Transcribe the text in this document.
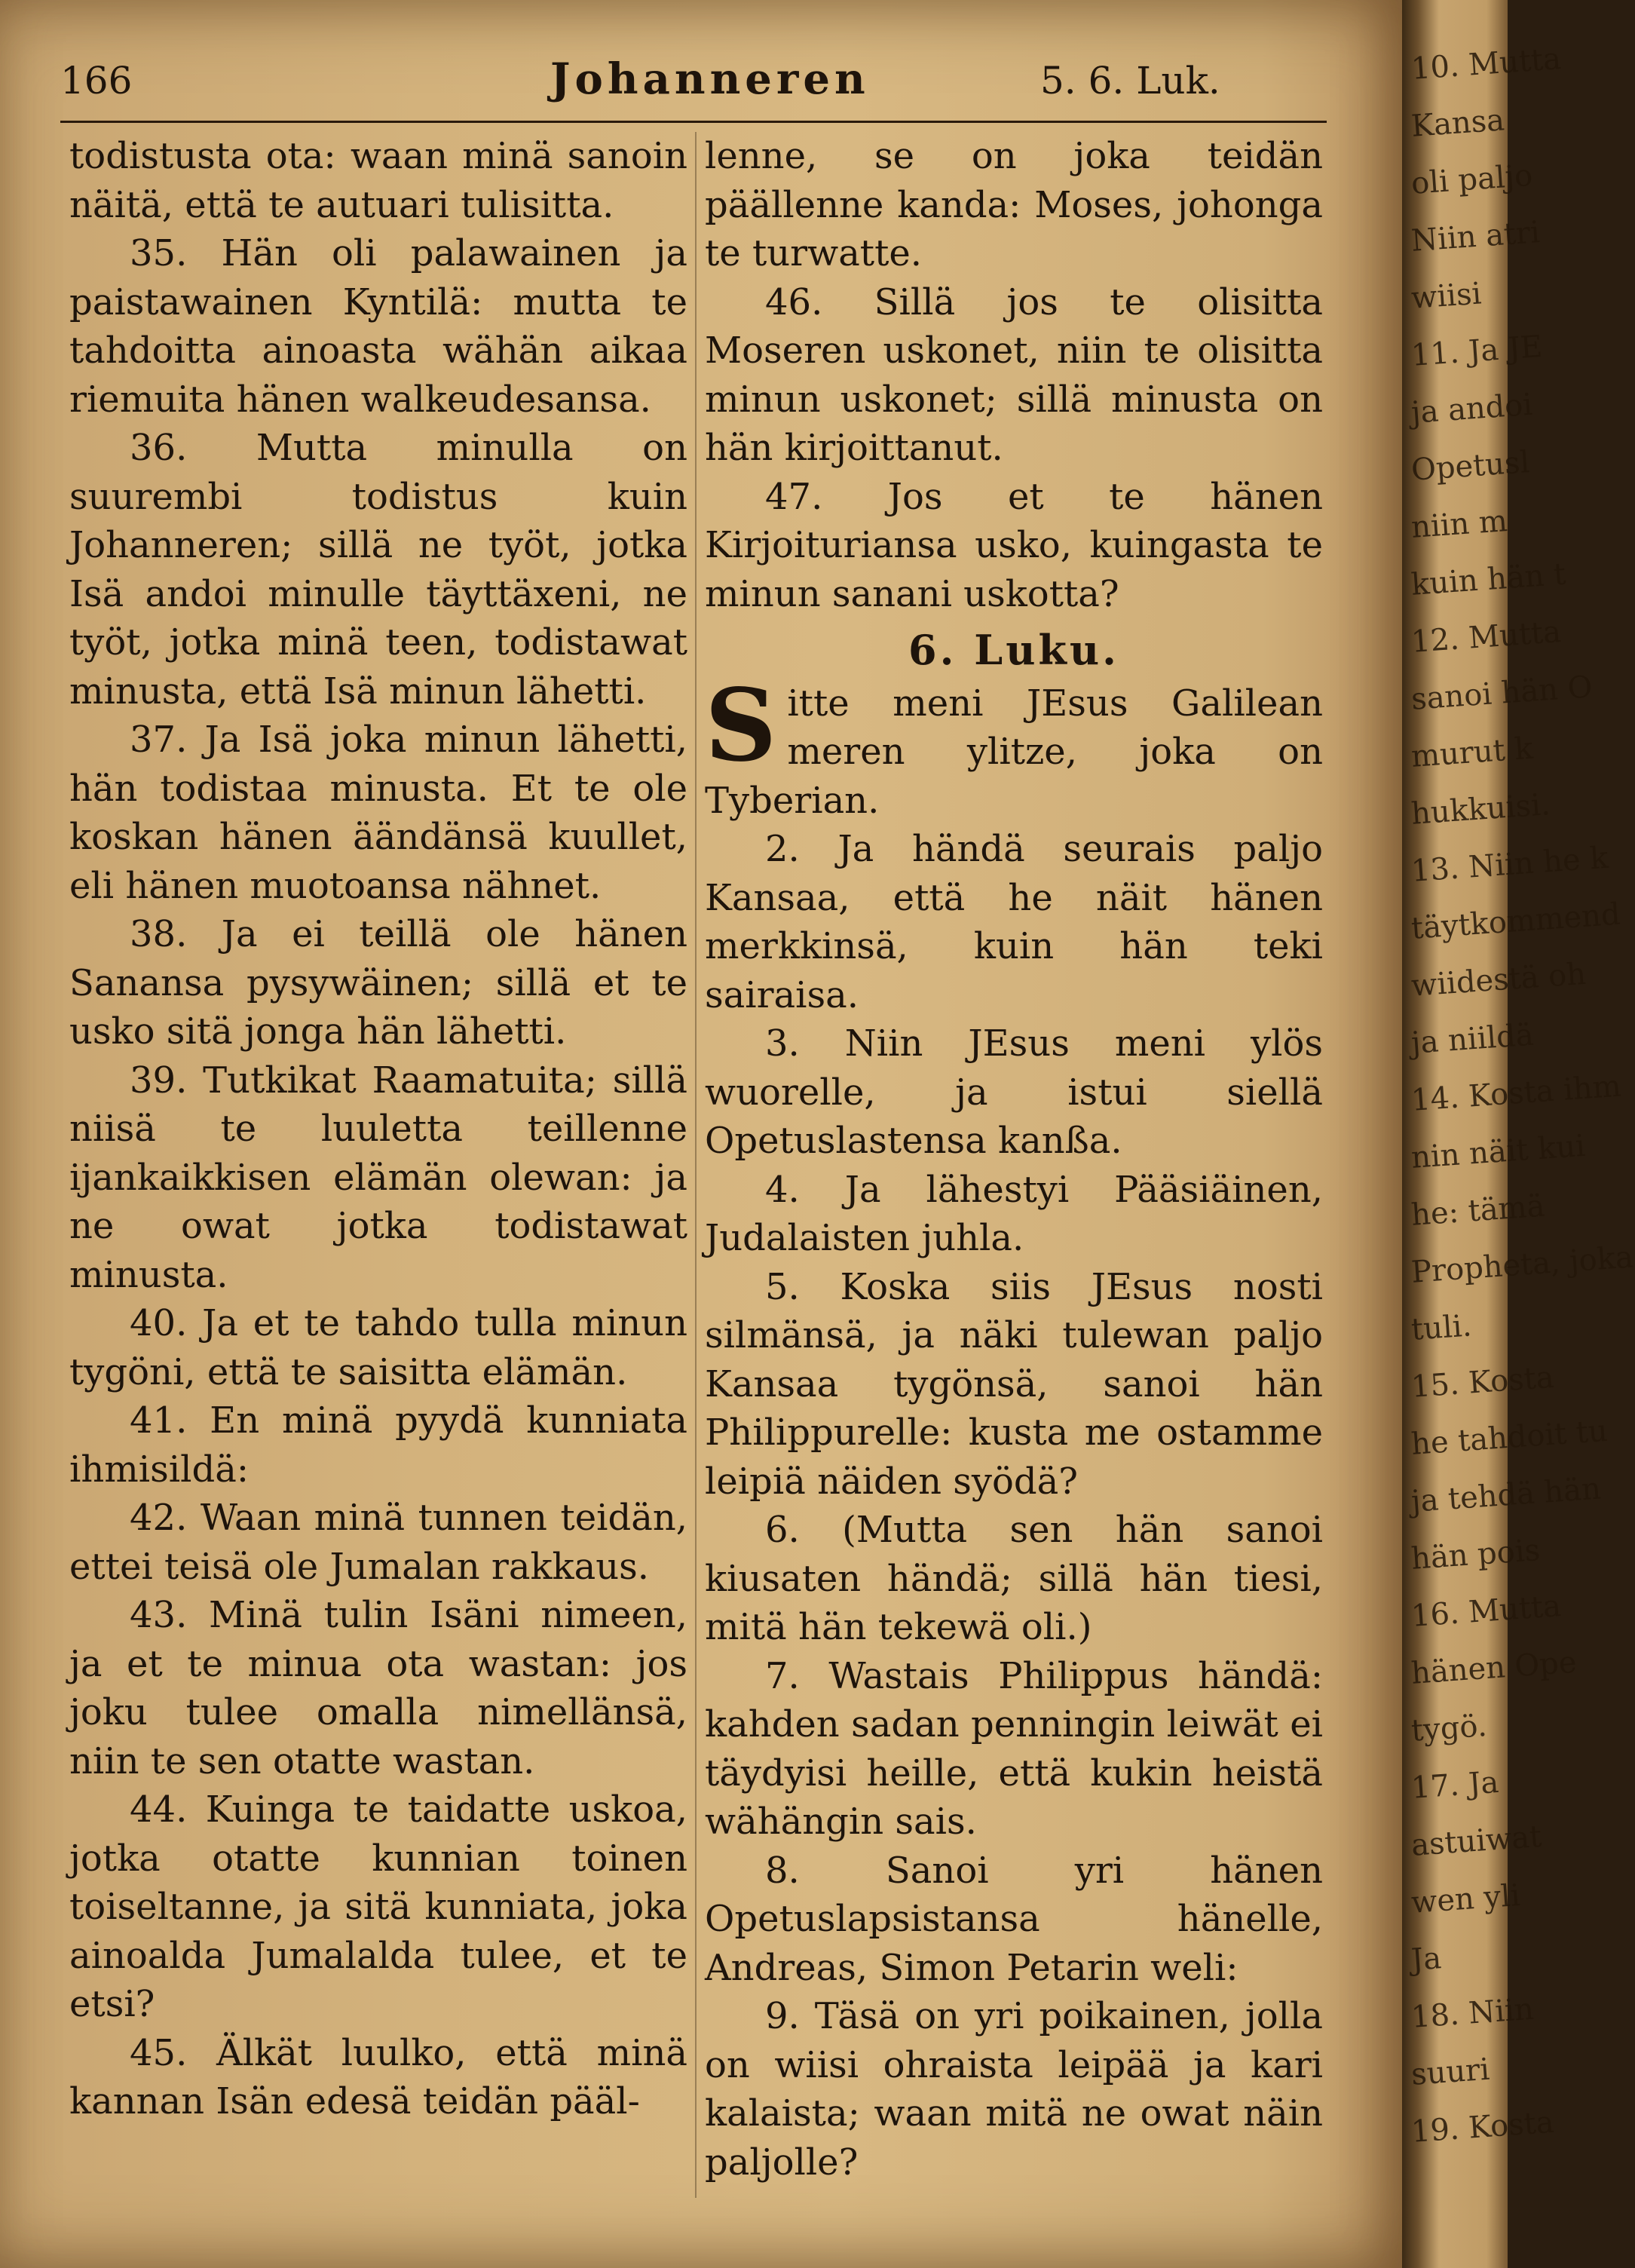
166	Johanneren	5. 6. Luk.

todistusta ota: waan minä sanoin näitä, että te autuari tulisitta.

35. Hän oli palawainen ja paistawainen Kyntilä: mutta te tahdoitta ainoasta wähän aikaa riemuita hänen walkeudesansa.

36. Mutta minulla on suurembi todistus kuin Johanneren; sillä ne työt, jotka Isä andoi minulle täyttäxeni, ne työt, jotka minä teen, todistawat minusta, että Isä minun lähetti.

37. Ja Isä joka minun lähetti, hän todistaa minusta. Et te ole koskan hänen äändänsä kuullet, eli hänen muotoansa nähnet.

38. Ja ei teillä ole hänen Sanansa pysywäinen; sillä et te usko sitä jonga hän lähetti.

39. Tutkikat Raamatuita; sillä niisä te luuletta teillenne ijankaikkisen elämän olewan: ja ne owat jotka todistawat minusta.

40. Ja et te tahdo tulla minun tygöni, että te saisitta elämän.

41. En minä pyydä kunniata ihmisildä:

42. Waan minä tunnen teidän, ettei teisä ole Jumalan rakkaus.

43. Minä tulin Isäni nimeen, ja et te minua ota wastan: jos joku tulee omalla nimellänsä, niin te sen otatte wastan.

44. Kuinga te taidatte uskoa, jotka otatte kunnian toinen toiseltanne, ja sitä kunniata, joka ainoalda Jumalalda tulee, et te etsi?

45. Älkät luulko, että minä kannan Isän edesä teidän pääl-

lenne, se on joka teidän päällenne kanda: Moses, johonga te turwatte.

46. Sillä jos te olisitta Moseren uskonet, niin te olisitta minun uskonet; sillä minusta on hän kirjoittanut.

47. Jos et te hänen Kirjoituriansa usko, kuingasta te minun sanani uskotta?

6. Luku.

Sitte meni JEsus Galilean meren ylitze, joka on Tyberian.

2. Ja händä seurais paljo Kansaa, että he näit hänen merkkinsä, kuin hän teki sairaisa.

3. Niin JEsus meni ylös wuorelle, ja istui siellä Opetuslastensa kanßa.

4. Ja lähestyi Pääsiäinen, Judalaisten juhla.

5. Koska siis JEsus nosti silmänsä, ja näki tulewan paljo Kansaa tygönsä, sanoi hän Philippurelle: kusta me ostamme leipiä näiden syödä?

6. (Mutta sen hän sanoi kiusaten händä; sillä hän tiesi, mitä hän tekewä oli.)

7. Wastais Philippus händä: kahden sadan penningin leiwät ei täydyisi heille, että kukin heistä wähängin sais.

8. Sanoi yri hänen Opetuslapsistansa hänelle, Andreas, Simon Petarin weli:

9. Täsä on yri poikainen, jolla on wiisi ohraista leipää ja kari kalaista; waan mitä ne owat näin paljolle?

10. Mutta
Kansa
oli paljo
Niin atri
wiisi
11. Ja JE
ja andoi
Opetusl
niin m
kuin hän t
12. Mutta
sanoi hän O
murut k
hukkuisi.
13. Niin he k
täytkommend
wiidestä oh
ja niildä
14. Kosta ihm
nin näit kui
he: tämä
Propheta, joka
tuli.
15. Kosta
he tahdoit tu
ja tehdä hän
hän pois
16. Mutta
hänen Ope
tygö.
17. Ja
astuiwat
wen yli
Ja
18. Niin
suuri
19. Kosta
